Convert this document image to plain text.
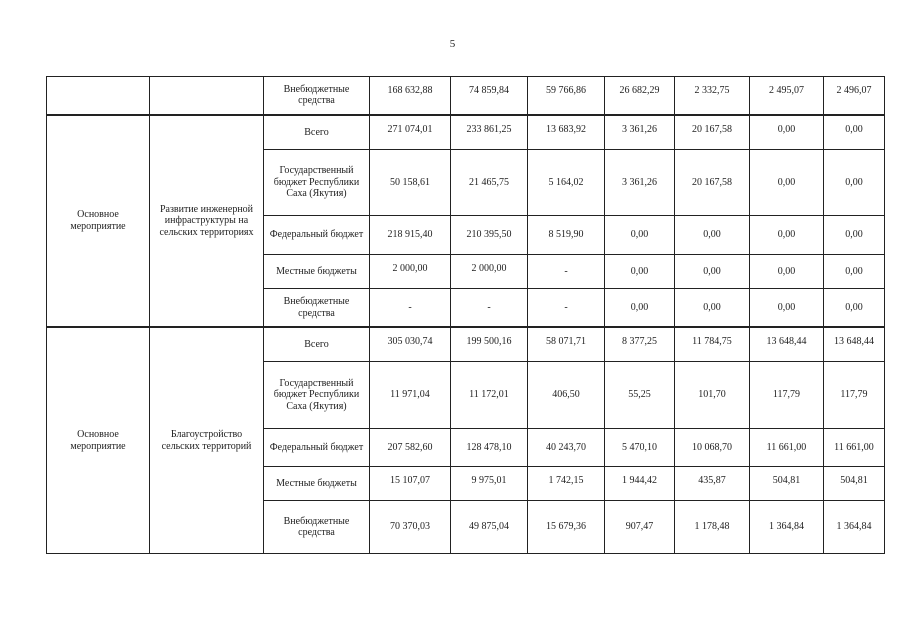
5
		Внебюджетные средства	168 632,88	74 859,84	59 766,86	26 682,29	2 332,75	2 495,07	2 496,07
Основное мероприятие	Развитие инженерной инфраструктуры на сельских территориях	Всего	271 074,01	233 861,25	13 683,92	3 361,26	20 167,58	0,00	0,00
		Государственный бюджет Республики Саха (Якутия)	50 158,61	21 465,75	5 164,02	3 361,26	20 167,58	0,00	0,00
		Федеральный бюджет	218 915,40	210 395,50	8 519,90	0,00	0,00	0,00	0,00
		Местные бюджеты	2 000,00	2 000,00	-	0,00	0,00	0,00	0,00
		Внебюджетные средства	-	-	-	0,00	0,00	0,00	0,00
Основное мероприятие	Благоустройство сельских территорий	Всего	305 030,74	199 500,16	58 071,71	8 377,25	11 784,75	13 648,44	13 648,44
		Государственный бюджет Республики Саха (Якутия)	11 971,04	11 172,01	406,50	55,25	101,70	117,79	117,79
		Федеральный бюджет	207 582,60	128 478,10	40 243,70	5 470,10	10 068,70	11 661,00	11 661,00
		Местные бюджеты	15 107,07	9 975,01	1 742,15	1 944,42	435,87	504,81	504,81
		Внебюджетные средства	70 370,03	49 875,04	15 679,36	907,47	1 178,48	1 364,84	1 364,84
